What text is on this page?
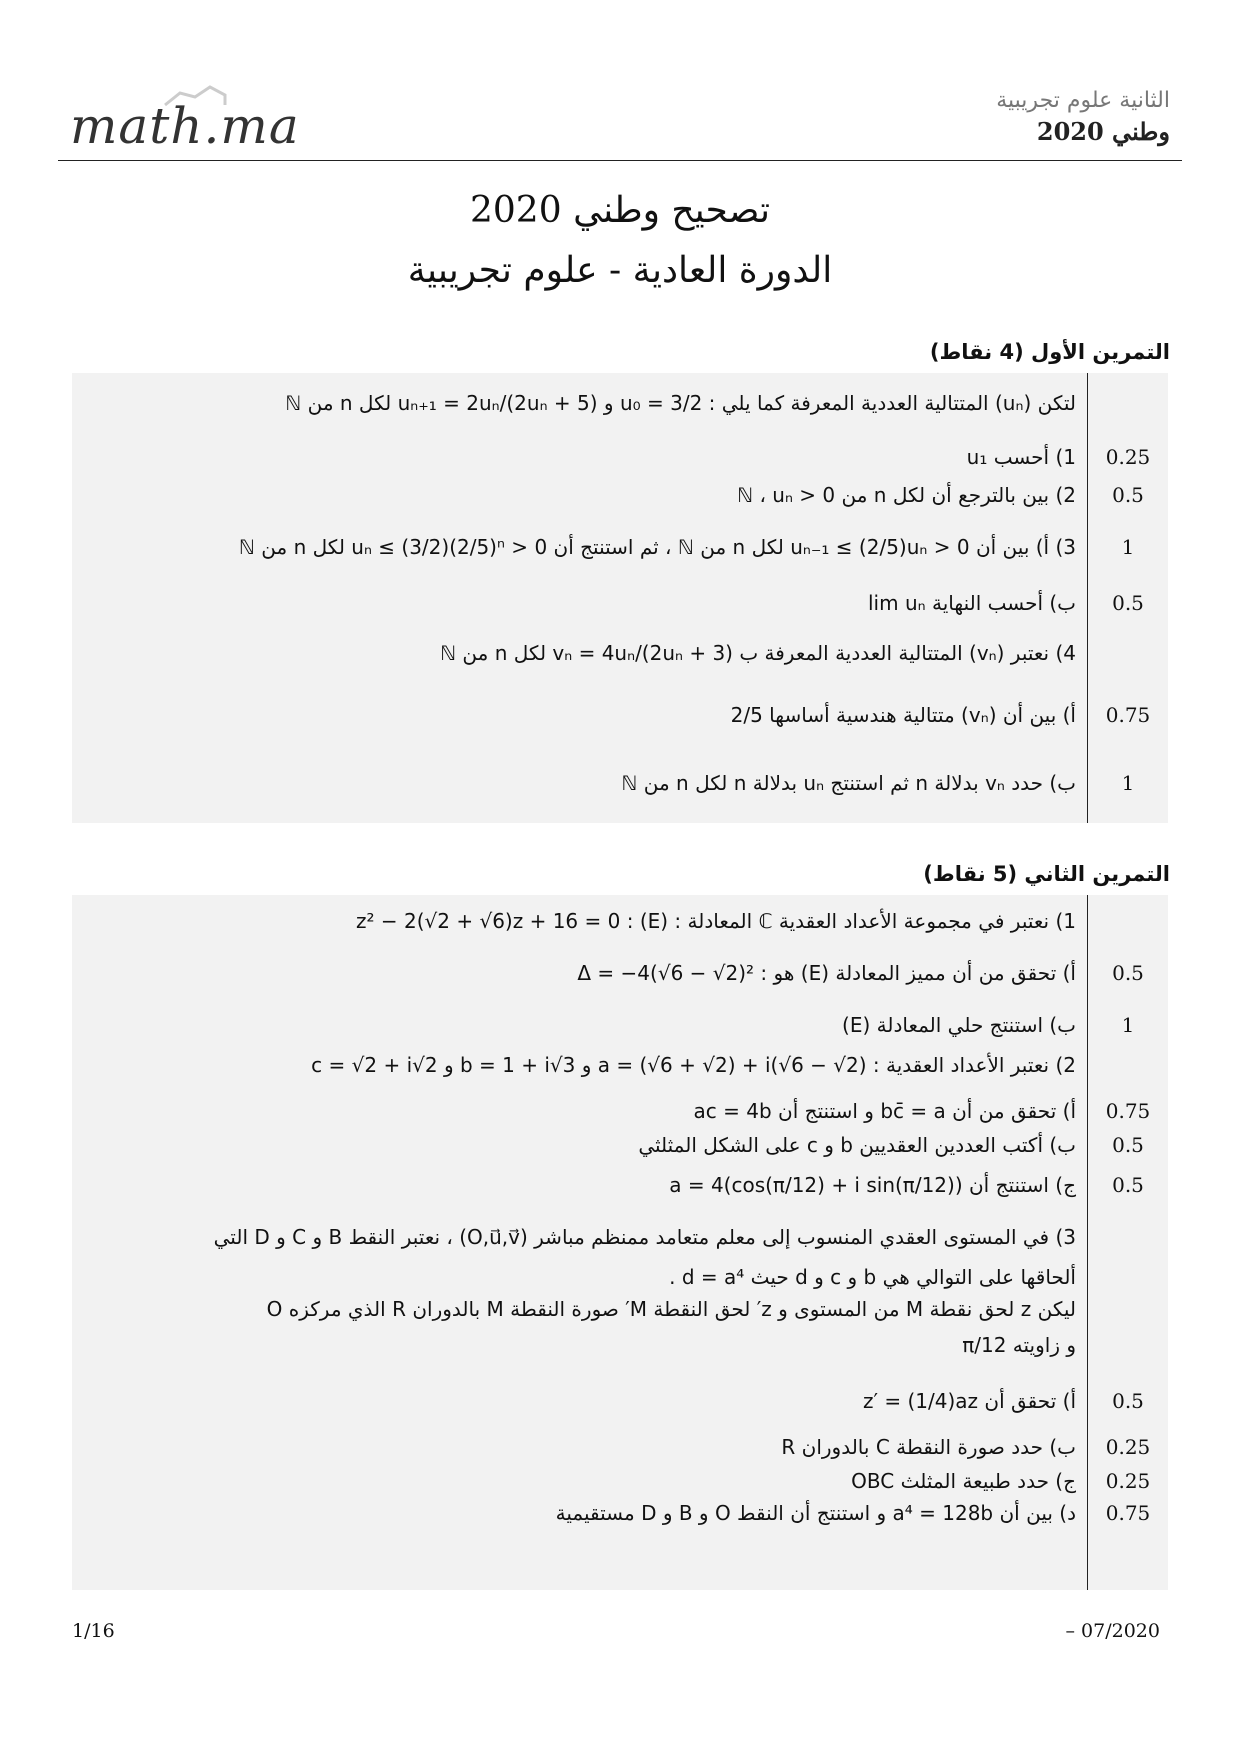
math.ma	الثانية علوم تجريبية
وطني 2020
تصحيح وطني 2020
الدورة العادية - علوم تجريبية
التمرين الأول (4 نقاط)
لتكن (uₙ) المتتالية العددية المعرفة كما يلي : u₀ = 3/2 و uₙ₊₁ = 2uₙ/(2uₙ + 5) لكل n من ℕ
1) أحسب u₁	0.25
2) بين بالترجع أن لكل n من ℕ ، uₙ > 0	0.5
3) أ) بين أن 0 < uₙ₋₁ ≤ (2/5)uₙ لكل n من ℕ ، ثم استنتج أن 0 < uₙ ≤ (3/2)(2/5)ⁿ لكل n من ℕ	1
ب) أحسب النهاية lim uₙ	0.5
4) نعتبر (vₙ) المتتالية العددية المعرفة ب vₙ = 4uₙ/(2uₙ + 3) لكل n من ℕ
أ) بين أن (vₙ) متتالية هندسية أساسها 2/5	0.75
ب) حدد vₙ بدلالة n ثم استنتج uₙ بدلالة n لكل n من ℕ	1
التمرين الثاني (5 نقاط)
1) نعتبر في مجموعة الأعداد العقدية ℂ المعادلة : (E) : z² − 2(√2 + √6)z + 16 = 0
أ) تحقق من أن مميز المعادلة (E) هو : Δ = −4(√6 − √2)²	0.5
ب) استنتج حلي المعادلة (E)	1
2) نعتبر الأعداد العقدية : a = (√6 + √2) + i(√6 − √2) و b = 1 + i√3 و c = √2 + i√2
أ) تحقق من أن bc̄ = a و استنتج أن ac = 4b	0.75
ب) أكتب العددين العقديين b و c على الشكل المثلثي	0.5
ج) استنتج أن a = 4(cos(π/12) + i sin(π/12))	0.5
3) في المستوى العقدي المنسوب إلى معلم متعامد ممنظم مباشر (O,u⃗,v⃗) ، نعتبر النقط B و C و D التي
ألحاقها على التوالي هي b و c و d حيث d = a⁴ .
ليكن z لحق نقطة M من المستوى و z′ لحق النقطة M′ صورة النقطة M بالدوران R الذي مركزه O
و زاويته π/12
أ) تحقق أن z′ = (1/4)az	0.5
ب) حدد صورة النقطة C بالدوران R	0.25
ج) حدد طبيعة المثلث OBC	0.25
د) بين أن a⁴ = 128b و استنتج أن النقط O و B و D مستقيمية	0.75
1/16	– 07/2020
